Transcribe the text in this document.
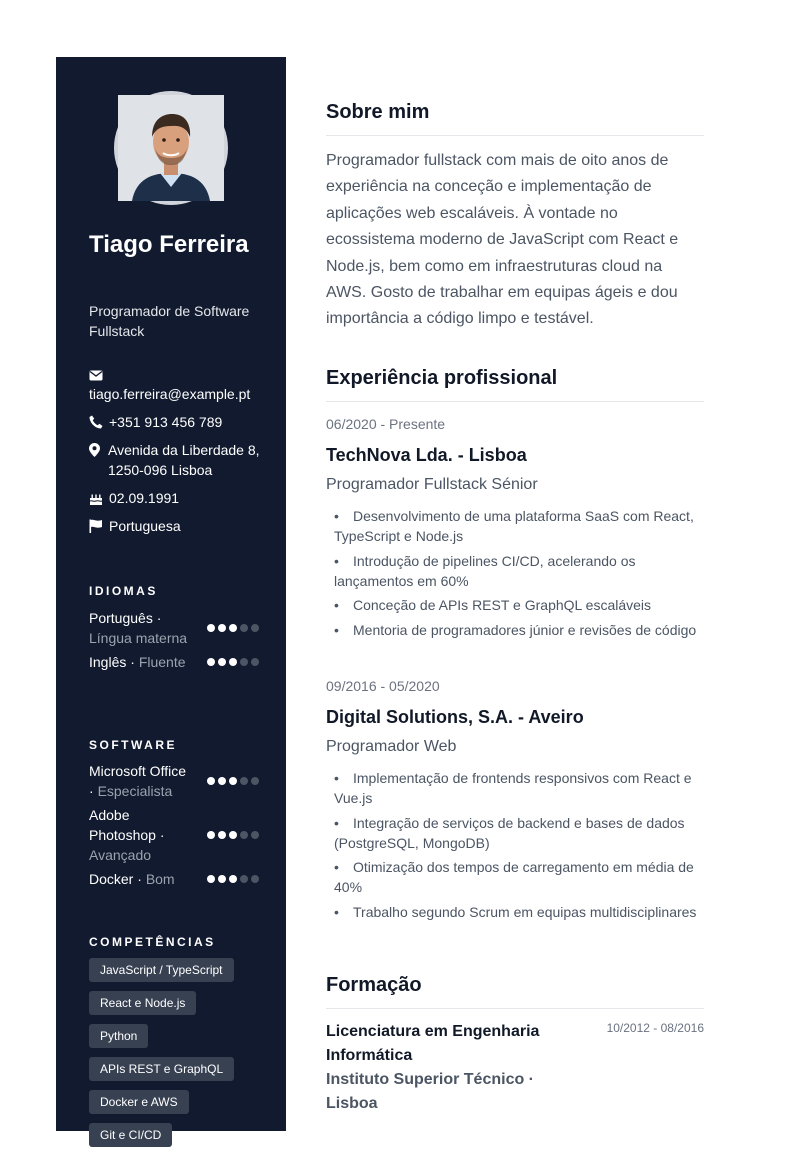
Tiago Ferreira
Programador de Software Fullstack
tiago.ferreira@example.pt
+351 913 456 789
Avenida da Liberdade 8, 1250-096 Lisboa
02.09.1991
Portuguesa
IDIOMAS
Português · Língua materna
Inglês · Fluente
SOFTWARE
Microsoft Office · Especialista
Adobe Photoshop · Avançado
Docker · Bom
COMPETÊNCIAS
JavaScript / TypeScript
React e Node.js
Python
APIs REST e GraphQL
Docker e AWS
Git e CI/CD
Sobre mim

Programador fullstack com mais de oito anos de experiência na conceção e implementação de aplicações web escaláveis. À vontade no ecossistema moderno de JavaScript com React e Node.js, bem como em infraestruturas cloud na AWS. Gosto de trabalhar em equipas ágeis e dou importância a código limpo e testável.

Experiência profissional
06/2020 - Presente
TechNova Lda. - Lisboa
Programador Fullstack Sénior
• Desenvolvimento de uma plataforma SaaS com React, TypeScript e Node.js
• Introdução de pipelines CI/CD, acelerando os lançamentos em 60%
• Conceção de APIs REST e GraphQL escaláveis
• Mentoria de programadores júnior e revisões de código
09/2016 - 05/2020
Digital Solutions, S.A. - Aveiro
Programador Web
• Implementação de frontends responsivos com React e Vue.js
• Integração de serviços de backend e bases de dados (PostgreSQL, MongoDB)
• Otimização dos tempos de carregamento em média de 40%
• Trabalho segundo Scrum em equipas multidisciplinares
Formação
Licenciatura em Engenharia Informática
Instituto Superior Técnico · Lisboa
10/2012 - 08/2016
